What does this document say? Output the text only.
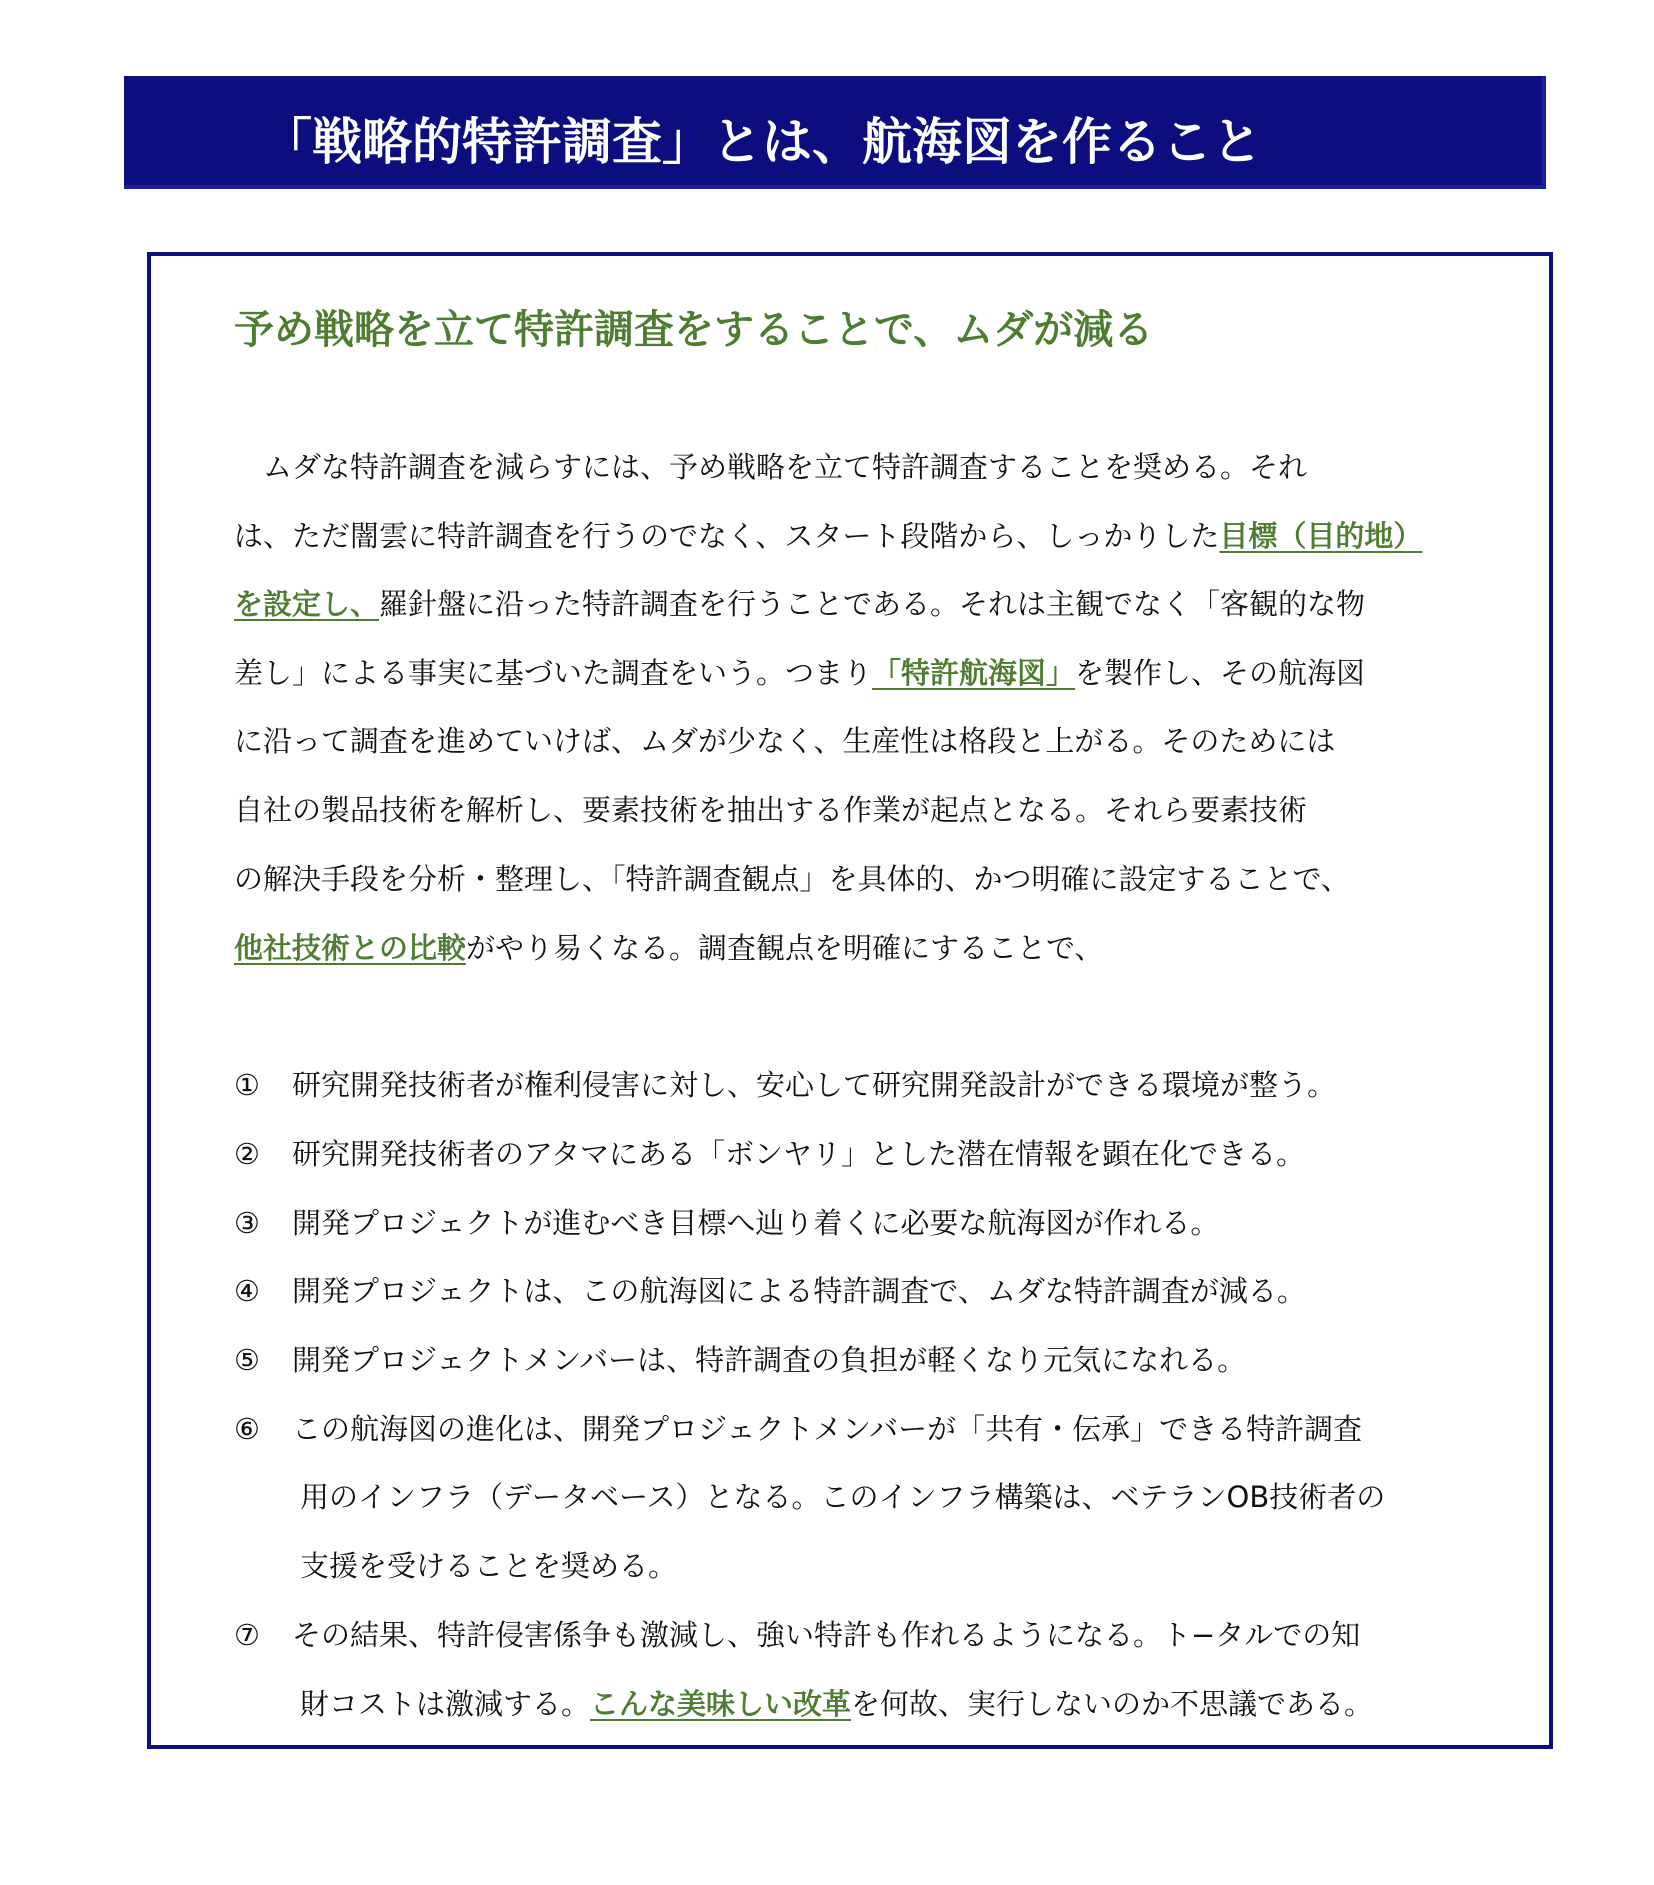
「戦略的特許調査」とは、航海図を作ること
予め戦略を立て特許調査をすることで、ムダが減る
　ムダな特許調査を減らすには、予め戦略を立て特許調査することを奨める。それ
は、ただ闇雲に特許調査を行うのでなく、スタート段階から、しっかりした目標（目的地）
を設定し、羅針盤に沿った特許調査を行うことである。それは主観でなく「客観的な物
差し」による事実に基づいた調査をいう。つまり「特許航海図」を製作し、その航海図
に沿って調査を進めていけば、ムダが少なく、生産性は格段と上がる。そのためには
自社の製品技術を解析し、要素技術を抽出する作業が起点となる。それら要素技術
の解決手段を分析・整理し、「特許調査観点」を具体的、かつ明確に設定することで、
他社技術との比較がやり易くなる。調査観点を明確にすることで、
① 研究開発技術者が権利侵害に対し、安心して研究開発設計ができる環境が整う。
② 研究開発技術者のアタマにある「ボンヤリ」とした潜在情報を顕在化できる。
③ 開発プロジェクトが進むべき目標へ辿り着くに必要な航海図が作れる。
④ 開発プロジェクトは、この航海図による特許調査で、ムダな特許調査が減る。
⑤ 開発プロジェクトメンバーは、特許調査の負担が軽くなり元気になれる。
⑥ この航海図の進化は、開発プロジェクトメンバーが「共有・伝承」できる特許調査
用のインフラ（データベース）となる。このインフラ構築は、ベテランOB技術者の
支援を受けることを奨める。
⑦ その結果、特許侵害係争も激減し、強い特許も作れるようになる。ト−タルでの知
財コストは激減する。こんな美味しい改革を何故、実行しないのか不思議である。
